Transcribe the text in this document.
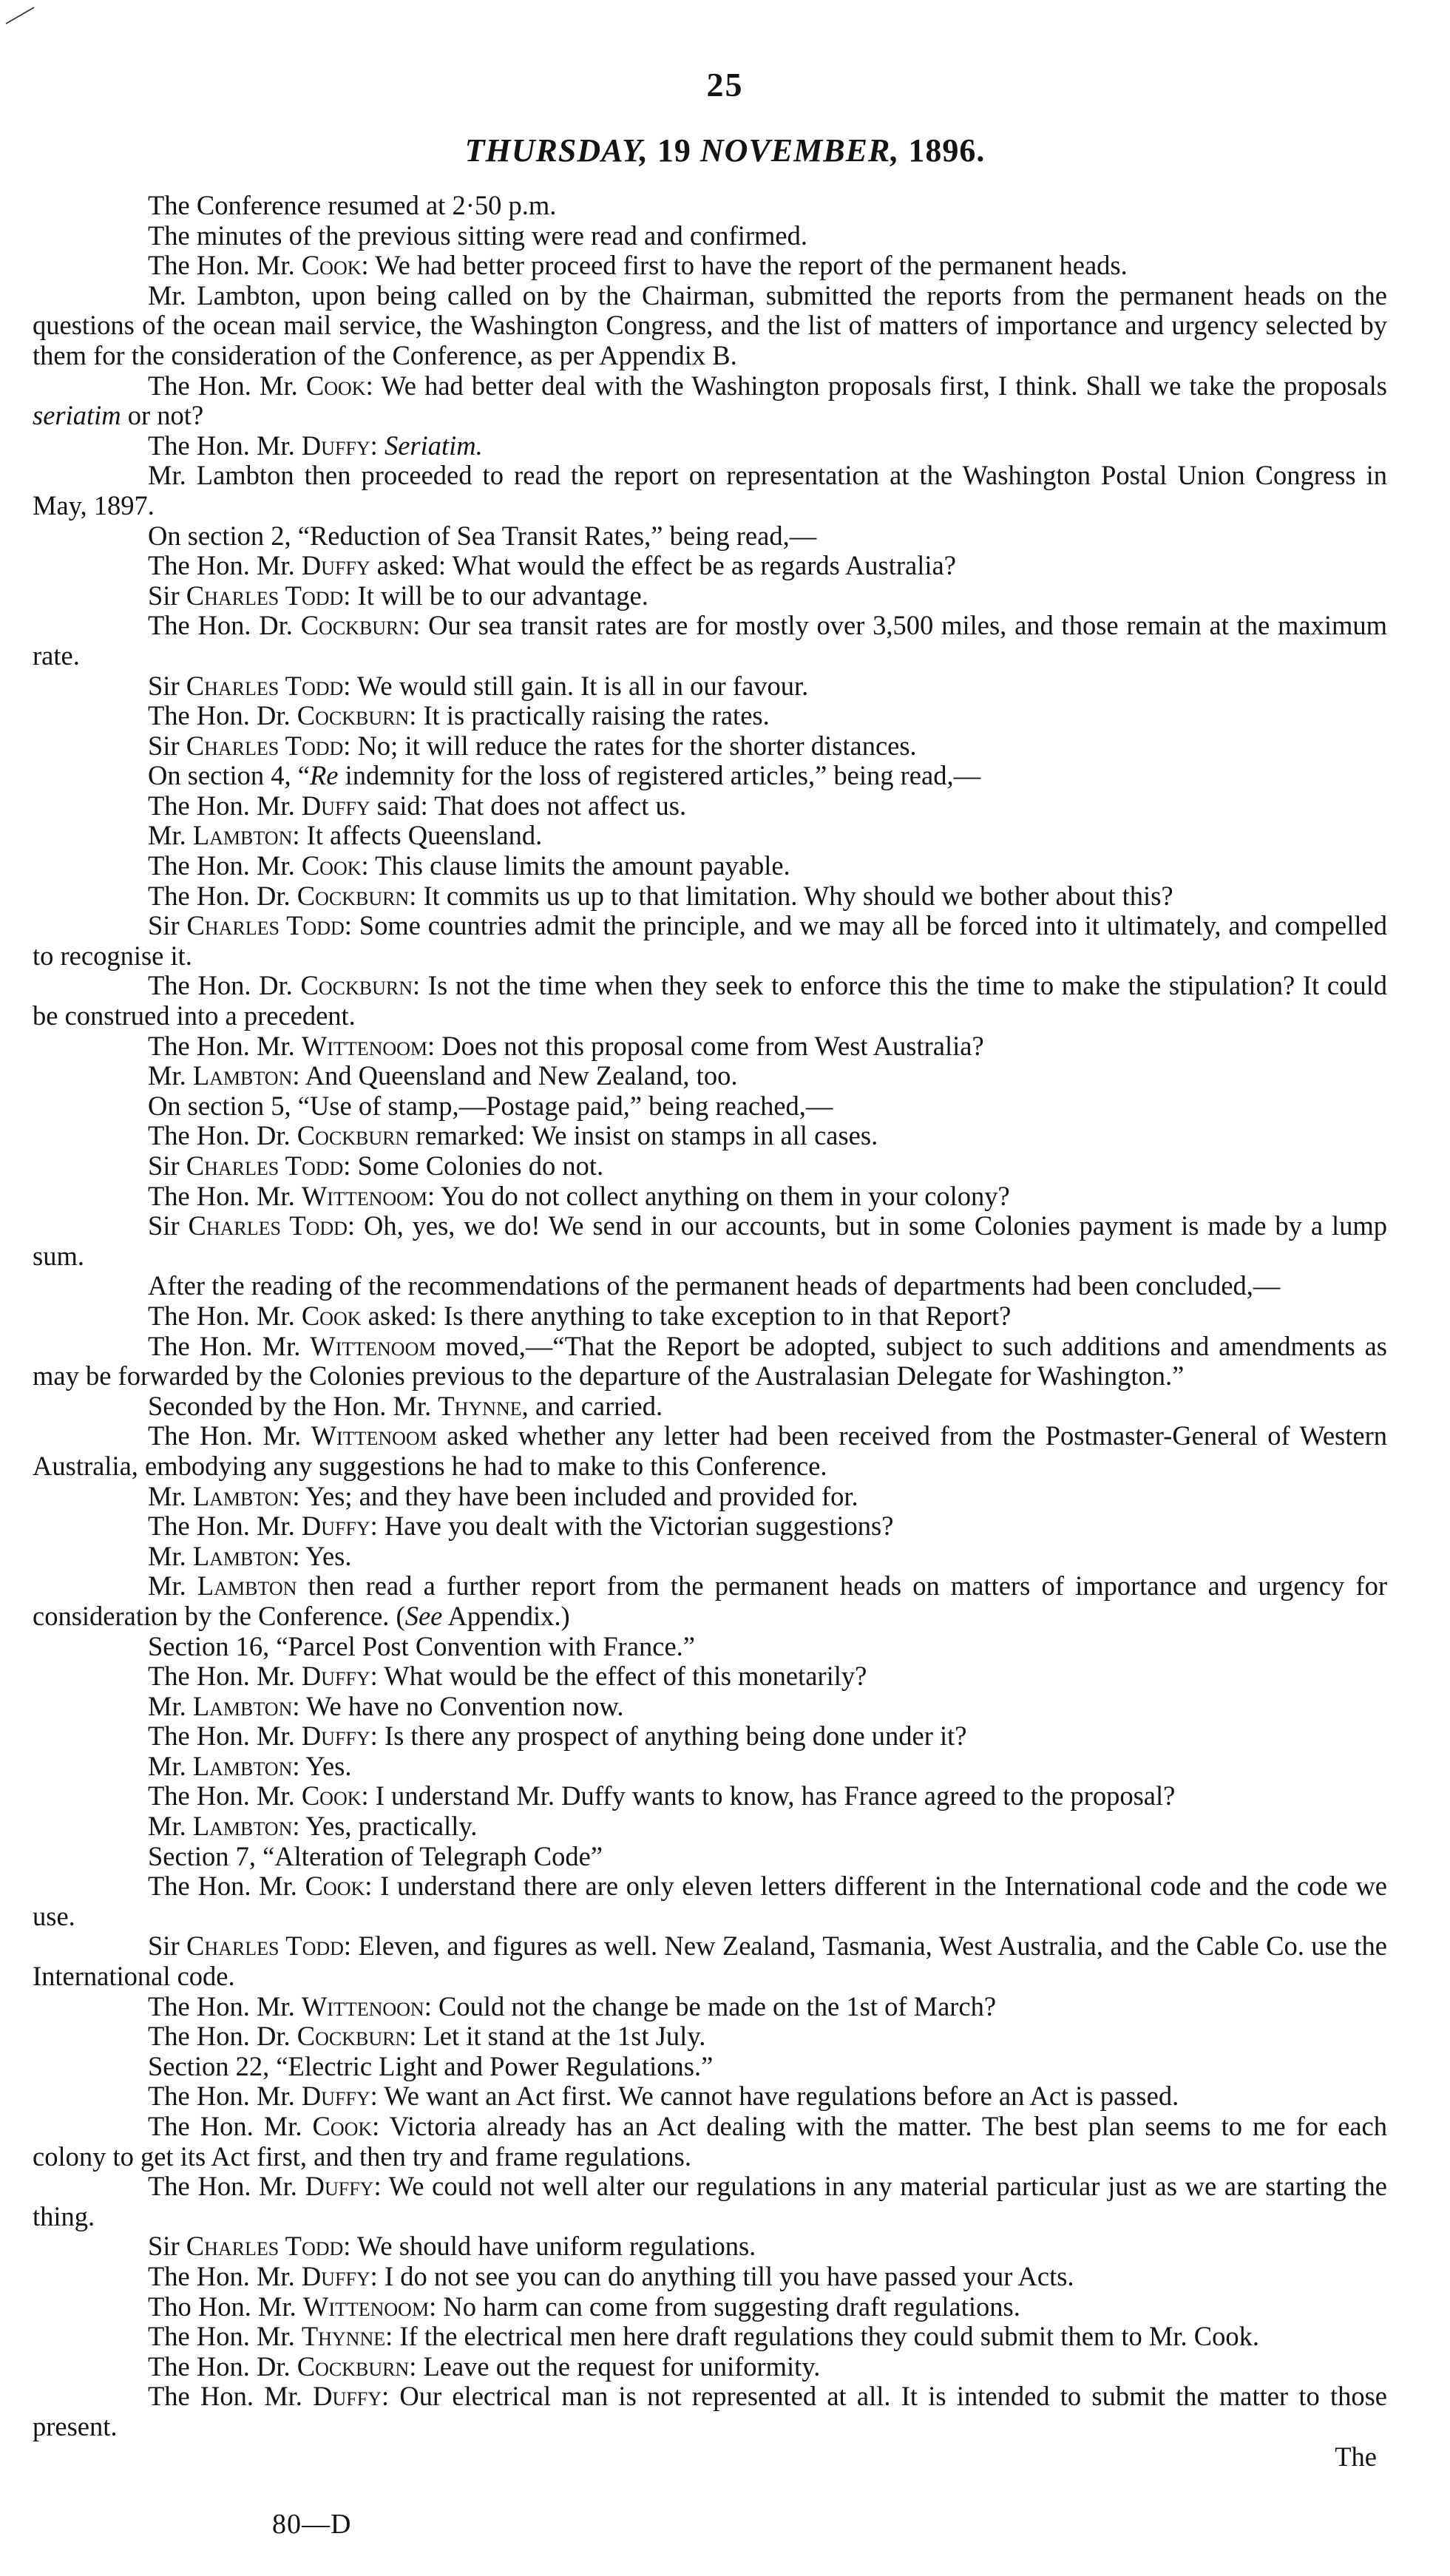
25
THURSDAY, 19 NOVEMBER, 1896.

The Conference resumed at 2·50 p.m.

The minutes of the previous sitting were read and confirmed.

The Hon. Mr. Cook: We had better proceed first to have the report of the permanent heads.

Mr. Lambton, upon being called on by the Chairman, submitted the reports from the permanent heads on the questions of the ocean mail service, the Washington Congress, and the list of matters of importance and urgency selected by them for the consideration of the Conference, as per Appendix B.

The Hon. Mr. Cook: We had better deal with the Washington proposals first, I think. Shall we take the proposals seriatim or not?

The Hon. Mr. Duffy: Seriatim.

Mr. Lambton then proceeded to read the report on representation at the Washington Postal Union Congress in May, 1897.

On section 2, “Reduction of Sea Transit Rates,” being read,—

The Hon. Mr. Duffy asked: What would the effect be as regards Australia?

Sir Charles Todd: It will be to our advantage.

The Hon. Dr. Cockburn: Our sea transit rates are for mostly over 3,500 miles, and those remain at the maximum rate.

Sir Charles Todd: We would still gain. It is all in our favour.

The Hon. Dr. Cockburn: It is practically raising the rates.

Sir Charles Todd: No; it will reduce the rates for the shorter distances.

On section 4, “Re indemnity for the loss of registered articles,” being read,—

The Hon. Mr. Duffy said: That does not affect us.

Mr. Lambton: It affects Queensland.

The Hon. Mr. Cook: This clause limits the amount payable.

The Hon. Dr. Cockburn: It commits us up to that limitation. Why should we bother about this?

Sir Charles Todd: Some countries admit the principle, and we may all be forced into it ultimately, and compelled to recognise it.

The Hon. Dr. Cockburn: Is not the time when they seek to enforce this the time to make the stipulation? It could be construed into a precedent.

The Hon. Mr. Wittenoom: Does not this proposal come from West Australia?

Mr. Lambton: And Queensland and New Zealand, too.

On section 5, “Use of stamp,—Postage paid,” being reached,—

The Hon. Dr. Cockburn remarked: We insist on stamps in all cases.

Sir Charles Todd: Some Colonies do not.

The Hon. Mr. Wittenoom: You do not collect anything on them in your colony?

Sir Charles Todd: Oh, yes, we do! We send in our accounts, but in some Colonies payment is made by a lump sum.

After the reading of the recommendations of the permanent heads of departments had been concluded,—

The Hon. Mr. Cook asked: Is there anything to take exception to in that Report?

The Hon. Mr. Wittenoom moved,—“That the Report be adopted, subject to such additions and amendments as may be forwarded by the Colonies previous to the departure of the Australasian Delegate for Washington.”

Seconded by the Hon. Mr. Thynne, and carried.

The Hon. Mr. Wittenoom asked whether any letter had been received from the Postmaster-General of Western Australia, embodying any suggestions he had to make to this Conference.

Mr. Lambton: Yes; and they have been included and provided for.

The Hon. Mr. Duffy: Have you dealt with the Victorian suggestions?

Mr. Lambton: Yes.

Mr. Lambton then read a further report from the permanent heads on matters of importance and urgency for consideration by the Conference. (See Appendix.)

Section 16, “Parcel Post Convention with France.”

The Hon. Mr. Duffy: What would be the effect of this monetarily?

Mr. Lambton: We have no Convention now.

The Hon. Mr. Duffy: Is there any prospect of anything being done under it?

Mr. Lambton: Yes.

The Hon. Mr. Cook: I understand Mr. Duffy wants to know, has France agreed to the proposal?

Mr. Lambton: Yes, practically.

Section 7, “Alteration of Telegraph Code”

The Hon. Mr. Cook: I understand there are only eleven letters different in the International code and the code we use.

Sir Charles Todd: Eleven, and figures as well. New Zealand, Tasmania, West Australia, and the Cable Co. use the International code.

The Hon. Mr. Wittenoon: Could not the change be made on the 1st of March?

The Hon. Dr. Cockburn: Let it stand at the 1st July.

Section 22, “Electric Light and Power Regulations.”

The Hon. Mr. Duffy: We want an Act first. We cannot have regulations before an Act is passed.

The Hon. Mr. Cook: Victoria already has an Act dealing with the matter. The best plan seems to me for each colony to get its Act first, and then try and frame regulations.

The Hon. Mr. Duffy: We could not well alter our regulations in any material particular just as we are starting the thing.

Sir Charles Todd: We should have uniform regulations.

The Hon. Mr. Duffy: I do not see you can do anything till you have passed your Acts.

Tho Hon. Mr. Wittenoom: No harm can come from suggesting draft regulations.

The Hon. Mr. Thynne: If the electrical men here draft regulations they could submit them to Mr. Cook.

The Hon. Dr. Cockburn: Leave out the request for uniformity.

The Hon. Mr. Duffy: Our electrical man is not represented at all. It is intended to submit the matter to those present.

The

80—D
